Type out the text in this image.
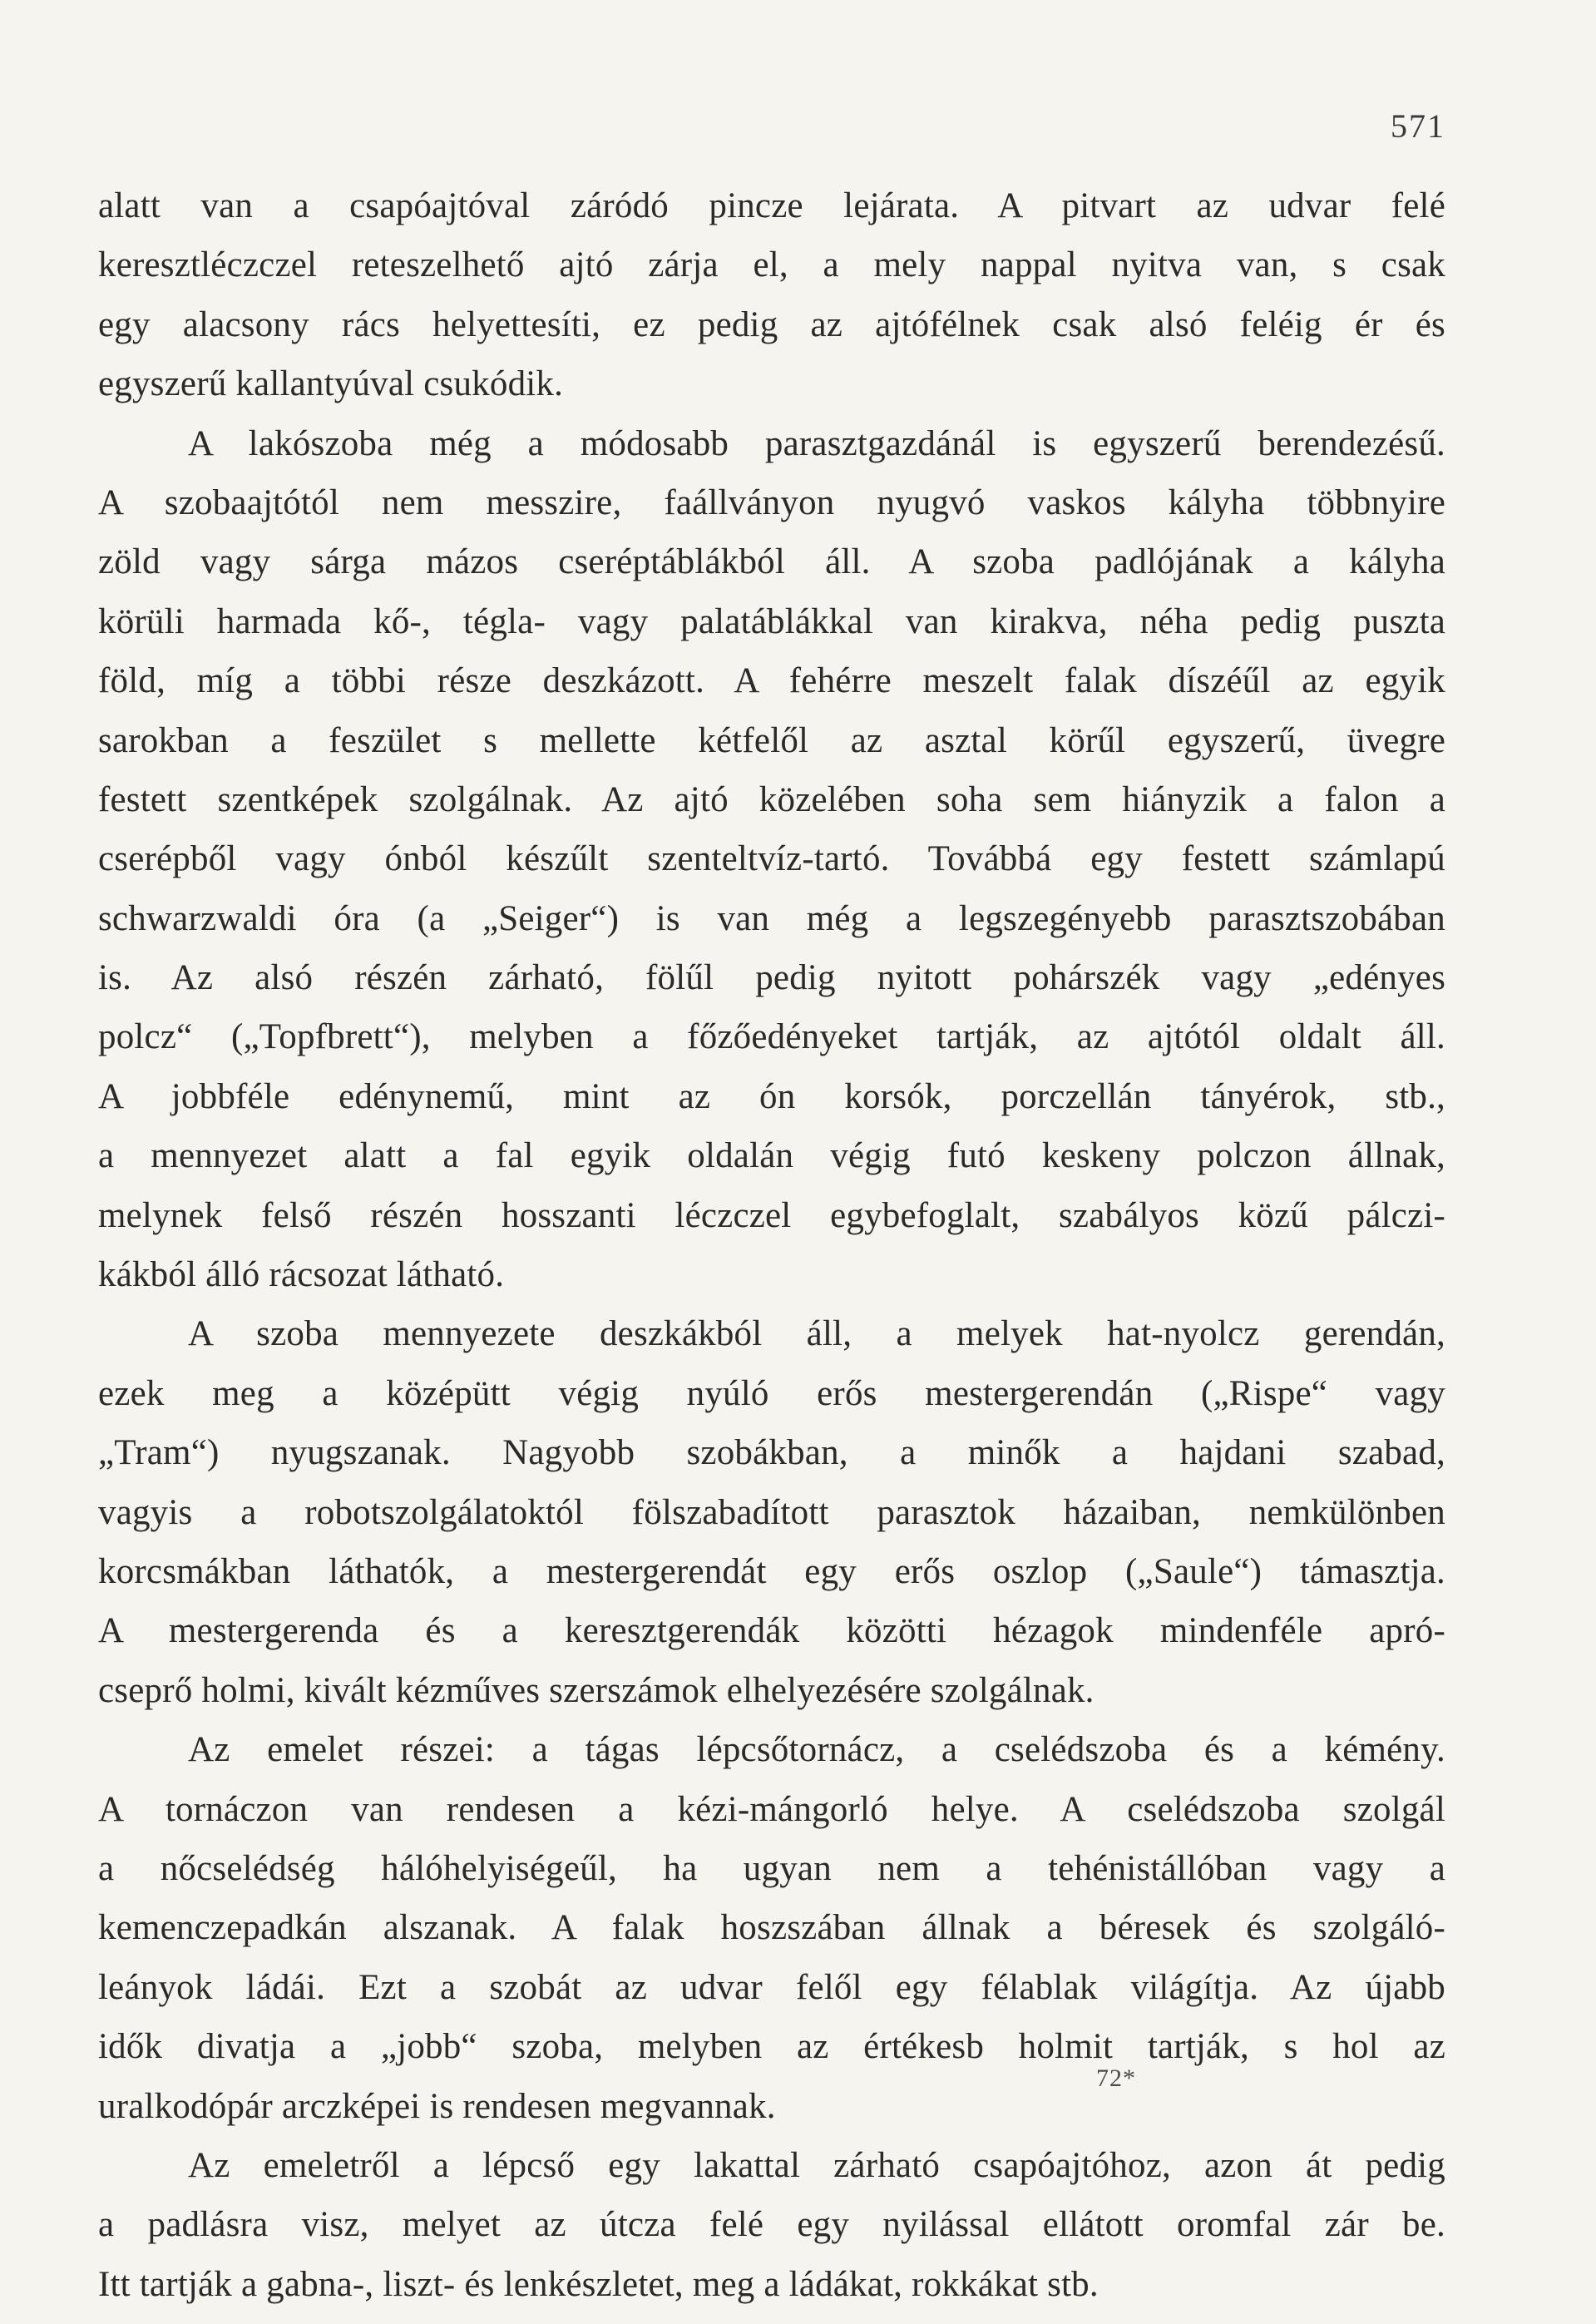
571
alatt van a csapóajtóval záródó pincze lejárata. A pitvart az udvar felé
keresztléczczel reteszelhető ajtó zárja el, a mely nappal nyitva van, s csak
egy alacsony rács helyettesíti, ez pedig az ajtófélnek csak alsó feléig ér és
egyszerű kallantyúval csukódik.
A lakószoba még a módosabb parasztgazdánál is egyszerű berendezésű.
A szobaajtótól nem messzire, faállványon nyugvó vaskos kályha többnyire
zöld vagy sárga mázos cseréptáblákból áll. A szoba padlójának a kályha
körüli harmada kő-, tégla- vagy palatáblákkal van kirakva, néha pedig puszta
föld, míg a többi része deszkázott. A fehérre meszelt falak díszéűl az egyik
sarokban a feszület s mellette kétfelől az asztal körűl egyszerű, üvegre
festett szentképek szolgálnak. Az ajtó közelében soha sem hiányzik a falon a
cserépből vagy ónból készűlt szenteltvíz-tartó. Továbbá egy festett számlapú
schwarzwaldi óra (a „Seiger“) is van még a legszegényebb parasztszobában
is. Az alsó részén zárható, fölűl pedig nyitott pohárszék vagy „edényes
polcz“ („Topfbrett“), melyben a főzőedényeket tartják, az ajtótól oldalt áll.
A jobbféle edénynemű, mint az ón korsók, porczellán tányérok, stb.,
a mennyezet alatt a fal egyik oldalán végig futó keskeny polczon állnak,
melynek felső részén hosszanti léczczel egybefoglalt, szabályos közű pálczi-
kákból álló rácsozat látható.
A szoba mennyezete deszkákból áll, a melyek hat-nyolcz gerendán,
ezek meg a középütt végig nyúló erős mestergerendán („Rispe“ vagy
„Tram“) nyugszanak. Nagyobb szobákban, a minők a hajdani szabad,
vagyis a robotszolgálatoktól fölszabadított parasztok házaiban, nemkülönben
korcsmákban láthatók, a mestergerendát egy erős oszlop („Saule“) támasztja.
A mestergerenda és a keresztgerendák közötti hézagok mindenféle apró-
cseprő holmi, kivált kézműves szerszámok elhelyezésére szolgálnak.
Az emelet részei: a tágas lépcsőtornácz, a cselédszoba és a kémény.
A tornáczon van rendesen a kézi-mángorló helye. A cselédszoba szolgál
a nőcselédség hálóhelyiségeűl, ha ugyan nem a tehénistállóban vagy a
kemenczepadkán alszanak. A falak hoszszában állnak a béresek és szolgáló-
leányok ládái. Ezt a szobát az udvar felől egy félablak világítja. Az újabb
idők divatja a „jobb“ szoba, melyben az értékesb holmit tartják, s hol az
uralkodópár arczképei is rendesen megvannak.
Az emeletről a lépcső egy lakattal zárható csapóajtóhoz, azon át pedig
a padlásra visz, melyet az útcza felé egy nyilással ellátott oromfal zár be.
Itt tartják a gabna-, liszt- és lenkészletet, meg a ládákat, rokkákat stb.
72*
